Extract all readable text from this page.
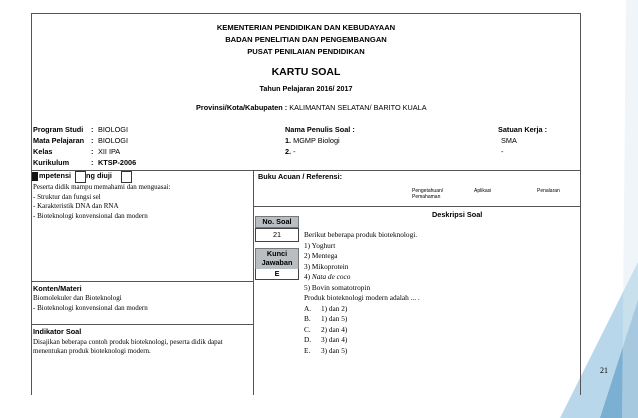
KEMENTERIAN PENDIDIKAN DAN KEBUDAYAAN
BADAN PENELITIAN DAN PENGEMBANGAN
PUSAT PENILAIAN PENDIDIKAN
KARTU SOAL
Tahun Pelajaran 2016/ 2017
Provinsi/Kota/Kabupaten : KALIMANTAN SELATAN/ BARITO KUALA
Program Studi : BIOLOGI
Mata Pelajaran : BIOLOGI
Kelas	: XII IPA
Kurikulum	: KTSP-2006
Nama Penulis Soal :
1. MGMP Biologi
2. -
Satuan Kerja :
SMA
-
mpetensi ng diuji
Peserta didik mampu memahami dan menguasai:
- Struktur dan fungsi sel
- Karakteristik DNA dan RNA
- Bioteknologi konvensional dan modern
Konten/Materi
Biomolekuler dan Bioteknologi
- Bioteknologi konvensional dan modern
Indikator Soal
Disajikan beberapa contoh produk bioteknologi, peserta didik dapat menentukan produk bioteknologi modern.
Buku Acuan / Referensi:
Pengetahuan/ Pemahaman
Aplikasi	Penalaran
Deskripsi Soal
No. Soal
21
Kunci
Jawaban
E
Berikut beberapa produk bioteknologi.
1) Yoghurt
2) Mentega
3) Mikoprotein
4) Nata de coco
5) Bovin somatotropin
Produk bioteknologi modern adalah ... .
A. 1) dan 2)
B. 1) dan 5)
C. 2) dan 4)
D. 3) dan 4)
E. 3) dan 5)
21
